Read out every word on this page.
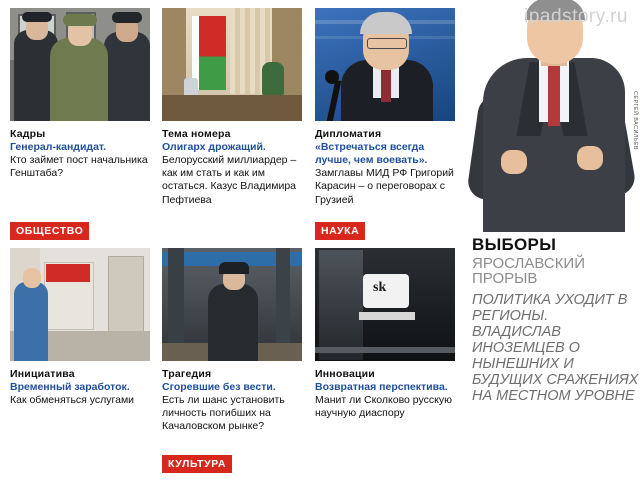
ipadstory.ru
Кадры
Генерал-кандидат.
Кто займет пост начальника Генштаба?
Тема номера
Олигарх дрожащий.
Белорусский миллиардер – как им стать и как им остаться. Казус Владимира Пефтиева
Дипломатия
«Встречаться всегда лучше, чем воевать».
Замглавы МИД РФ Григорий Карасин – о переговорах с Грузией
Инициатива
Временный заработок.
Как обменяться услугами
Трагедия
Сгоревшие без вести.
Есть ли шанс установить личность погибших на Качаловском рынке?
sk
Инновации
Возвратная перспектива.
Манит ли Сколково русскую научную диаспору
ОБЩЕСТВО	НАУКА
КУЛЬТУРА
СЕРГЕЙ ВАСИЛЬЕВ
ВЫБОРЫ
ЯРОСЛАВСКИЙ ПРОРЫВ
ПОЛИТИКА УХОДИТ В РЕГИОНЫ. ВЛАДИСЛАВ ИНОЗЕМЦЕВ О НЫНЕШНИХ И БУДУЩИХ СРАЖЕНИЯХ НА МЕСТНОМ УРОВНЕ
